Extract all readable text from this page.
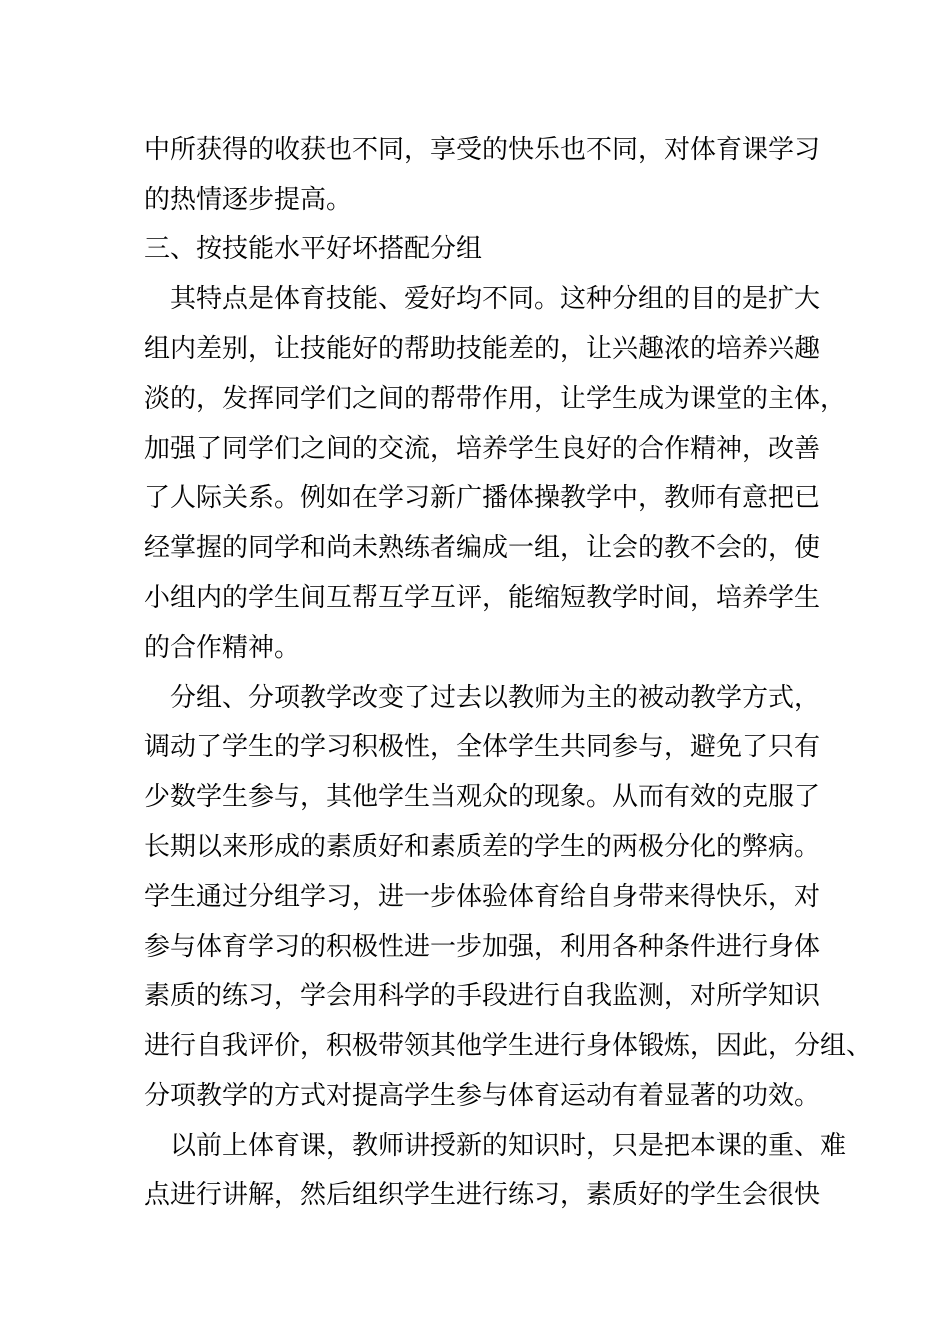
中所获得的收获也不同，享受的快乐也不同，对体育课学习
的热情逐步提高。
三、按技能水平好坏搭配分组
其特点是体育技能、爱好均不同。这种分组的目的是扩大
组内差别，让技能好的帮助技能差的，让兴趣浓的培养兴趣
淡的，发挥同学们之间的帮带作用，让学生成为课堂的主体，
加强了同学们之间的交流，培养学生良好的合作精神，改善
了人际关系。例如在学习新广播体操教学中，教师有意把已
经掌握的同学和尚未熟练者编成一组，让会的教不会的，使
小组内的学生间互帮互学互评，能缩短教学时间，培养学生
的合作精神。
分组、分项教学改变了过去以教师为主的被动教学方式，
调动了学生的学习积极性，全体学生共同参与，避免了只有
少数学生参与，其他学生当观众的现象。从而有效的克服了
长期以来形成的素质好和素质差的学生的两极分化的弊病。
学生通过分组学习，进一步体验体育给自身带来得快乐，对
参与体育学习的积极性进一步加强，利用各种条件进行身体
素质的练习，学会用科学的手段进行自我监测，对所学知识
进行自我评价，积极带领其他学生进行身体锻炼，因此，分组、
分项教学的方式对提高学生参与体育运动有着显著的功效。
以前上体育课，教师讲授新的知识时，只是把本课的重、难
点进行讲解，然后组织学生进行练习，素质好的学生会很快
